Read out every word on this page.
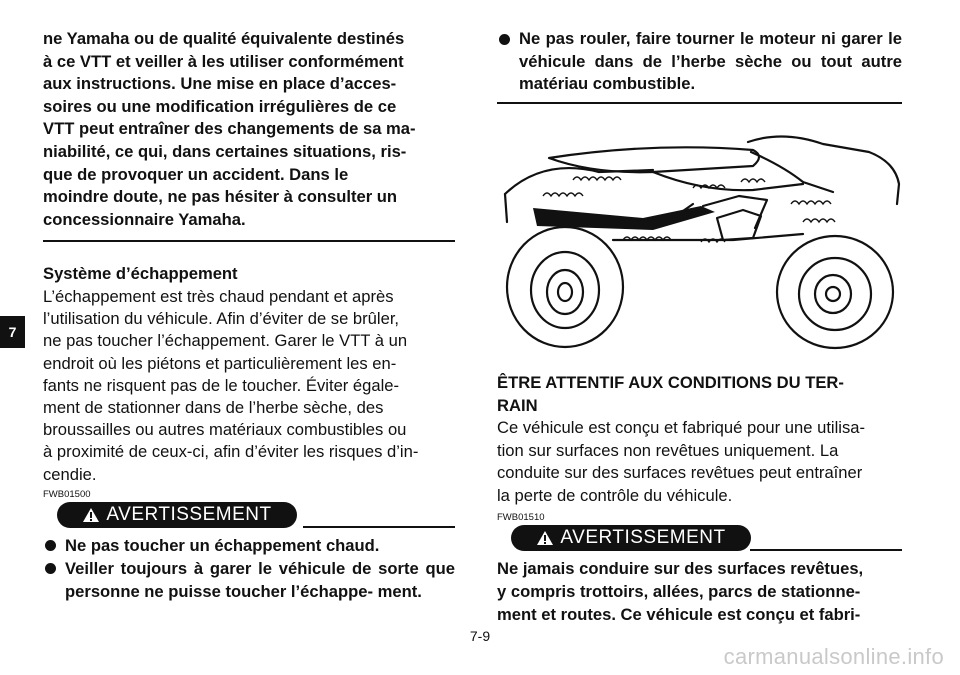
7

ne Yamaha ou de qualité équivalente destinés

à ce VTT et veiller à les utiliser conformément

aux instructions. Une mise en place d’acces-

soires ou une modification irrégulières de ce

VTT peut entraîner des changements de sa ma-

niabilité, ce qui, dans certaines situations, ris-

que de provoquer un accident. Dans le

moindre doute, ne pas hésiter à consulter un

concessionnaire Yamaha.

Système d’échappement

L’échappement est très chaud pendant et après

l’utilisation du véhicule. Afin d’éviter de se brûler,

ne pas toucher l’échappement. Garer le VTT à un

endroit où les piétons et particulièrement les en-

fants ne risquent pas de le toucher. Éviter égale-

ment de stationner dans de l’herbe sèche, des

broussailles ou autres matériaux combustibles ou

à proximité de ceux-ci, afin d’éviter les risques d’in-

cendie.

FWB01500
AVERTISSEMENT
Ne pas toucher un échappement chaud.
Veiller toujours à garer le véhicule de sorte que personne ne puisse toucher l’échappe- ment.
Ne pas rouler, faire tourner le moteur ni garer le véhicule dans de l’herbe sèche ou tout autre matériau combustible.

ÊTRE ATTENTIF AUX CONDITIONS DU TER-

RAIN

Ce véhicule est conçu et fabriqué pour une utilisa-

tion sur surfaces non revêtues uniquement. La

conduite sur des surfaces revêtues peut entraîner

la perte de contrôle du véhicule.

FWB01510
AVERTISSEMENT

Ne jamais conduire sur des surfaces revêtues,

y compris trottoirs, allées, parcs de stationne-

ment et routes. Ce véhicule est conçu et fabri-

7-9
carmanualsonline.info
